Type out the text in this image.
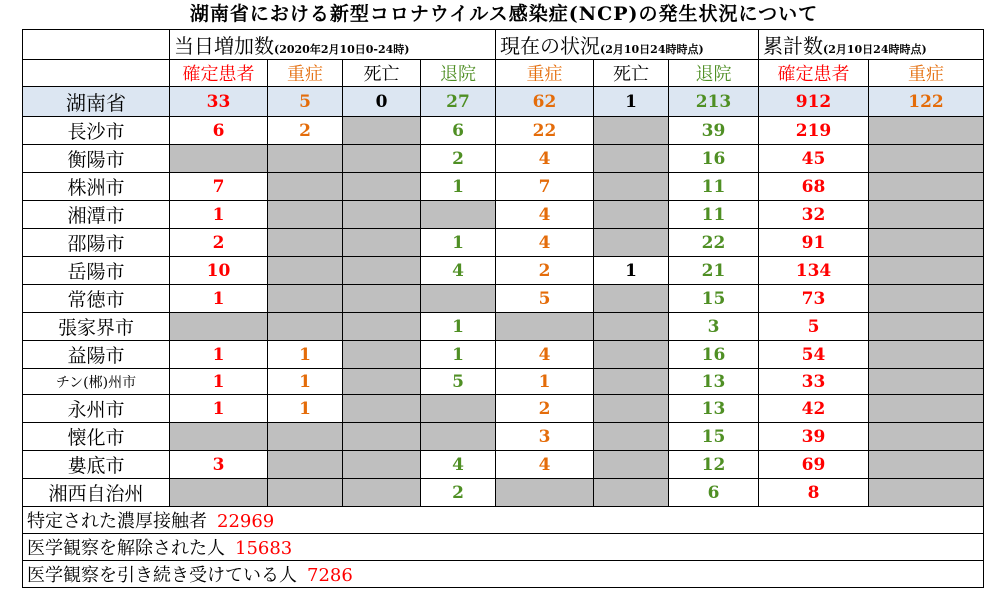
湖南省における新型コロナウイルス感染症(NCP)の発生状況について
	当日増加数(2020年2月10日0-24時)				現在の状況(2月10日24時時点)			累計数(2月10日24時時点)	
	確定患者	重症	死亡	退院	重症	死亡	退院	確定患者	重症
湖南省	33	5	0	27	62	1	213	912	122
長沙市	6	2		6	22		39	219	
衡陽市				2	4		16	45	
株洲市	7			1	7		11	68	
湘潭市	1				4		11	32	
邵陽市	2			1	4		22	91	
岳陽市	10			4	2	1	21	134	
常徳市	1				5		15	73	
張家界市				1			3	5	
益陽市	1	1		1	4		16	54	
チン(郴)州市	1	1		5	1		13	33	
永州市	1	1			2		13	42	
懐化市					3		15	39	
婁底市	3			4	4		12	69	
湘西自治州				2			6	8	
特定された濃厚接触者 22969									
医学観察を解除された人 15683									
医学観察を引き続き受けている人 7286									
